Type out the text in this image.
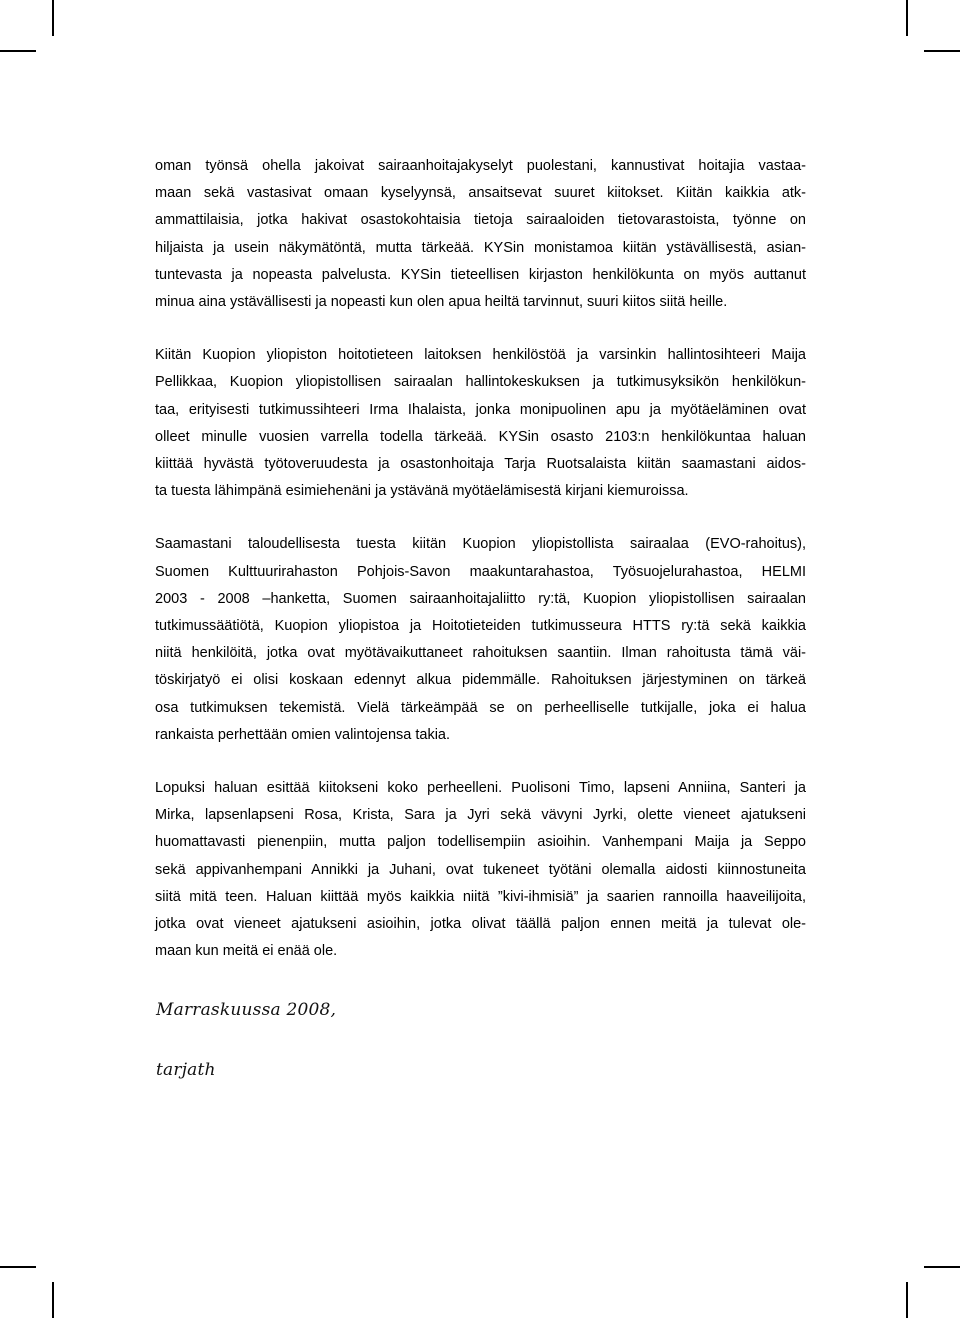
oman työnsä ohella jakoivat sairaanhoitajakyselyt puolestani, kannustivat hoitajia vastaa-
maan sekä vastasivat omaan kyselyynsä, ansaitsevat suuret kiitokset. Kiitän kaikkia atk-
ammattilaisia, jotka hakivat osastokohtaisia tietoja sairaaloiden tietovarastoista, työnne on
hiljaista ja usein näkymätöntä, mutta tärkeää. KYSin monistamoa kiitän ystävällisestä, asian-
tuntevasta ja nopeasta palvelusta. KYSin tieteellisen kirjaston henkilökunta on myös auttanut
minua aina ystävällisesti ja nopeasti kun olen apua heiltä tarvinnut, suuri kiitos siitä heille.

Kiitän Kuopion yliopiston hoitotieteen laitoksen henkilöstöä ja varsinkin hallintosihteeri Maija
Pellikkaa, Kuopion yliopistollisen sairaalan hallintokeskuksen ja tutkimusyksikön henkilökun-
taa, erityisesti tutkimussihteeri Irma Ihalaista, jonka monipuolinen apu ja myötäeläminen ovat
olleet minulle vuosien varrella todella tärkeää. KYSin osasto 2103:n henkilökuntaa haluan
kiittää hyvästä työtoveruudesta ja osastonhoitaja Tarja Ruotsalaista kiitän saamastani aidos-
ta tuesta lähimpänä esimiehenäni ja ystävänä myötäelämisestä kirjani kiemuroissa.

Saamastani taloudellisesta tuesta kiitän Kuopion yliopistollista sairaalaa (EVO-rahoitus),
Suomen Kulttuurirahaston Pohjois-Savon maakuntarahastoa, Työsuojelurahastoa, HELMI
2003 - 2008 –hanketta, Suomen sairaanhoitajaliitto ry:tä, Kuopion yliopistollisen sairaalan
tutkimussäätiötä, Kuopion yliopistoa ja Hoitotieteiden tutkimusseura HTTS ry:tä sekä kaikkia
niitä henkilöitä, jotka ovat myötävaikuttaneet rahoituksen saantiin. Ilman rahoitusta tämä väi-
töskirjatyö ei olisi koskaan edennyt alkua pidemmälle. Rahoituksen järjestyminen on tärkeä
osa tutkimuksen tekemistä. Vielä tärkeämpää se on perheelliselle tutkijalle, joka ei halua
rankaista perhettään omien valintojensa takia.

Lopuksi haluan esittää kiitokseni koko perheelleni. Puolisoni Timo, lapseni Anniina, Santeri ja
Mirka, lapsenlapseni Rosa, Krista, Sara ja Jyri sekä vävyni Jyrki, olette vieneet ajatukseni
huomattavasti pienenpiin, mutta paljon todellisempiin asioihin. Vanhempani Maija ja Seppo
sekä appivanhempani Annikki ja Juhani, ovat tukeneet työtäni olemalla aidosti kiinnostuneita
siitä mitä teen. Haluan kiittää myös kaikkia niitä ”kivi-ihmisiä” ja saarien rannoilla haaveilijoita,
jotka ovat vieneet ajatukseni asioihin, jotka olivat täällä paljon ennen meitä ja tulevat ole-
maan kun meitä ei enää ole.

Marraskuussa 2008,
tarjath
